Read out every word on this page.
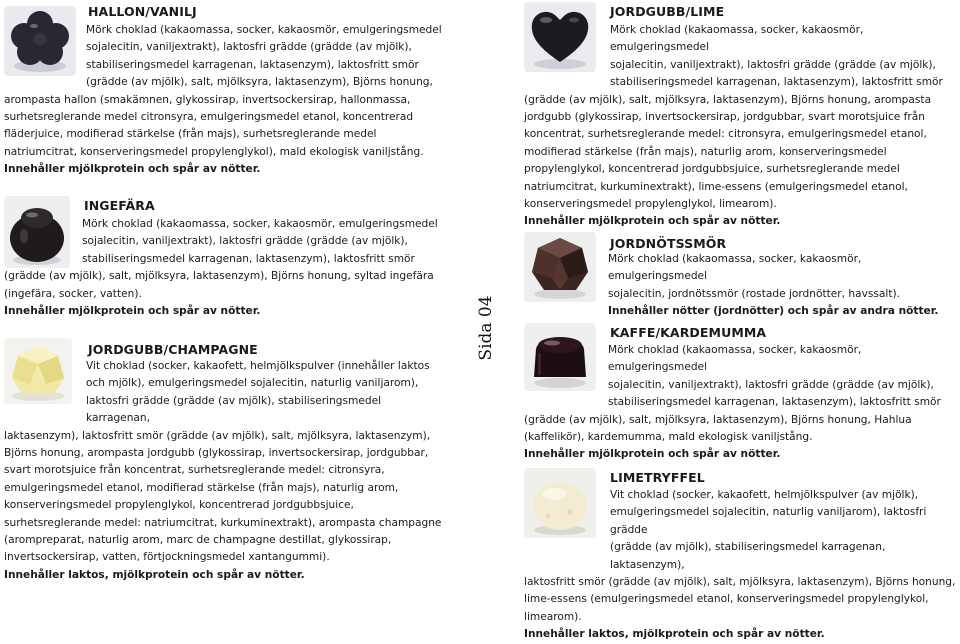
HALLON/VANILJ

Mörk choklad (kakaomassa, socker, kakaosmör, emulgeringsmedel

sojalecitin, vaniljextrakt), laktosfri grädde (grädde (av mjölk),

stabiliseringsmedel karragenan, laktasenzym), laktosfritt smör

(grädde (av mjölk), salt, mjölksyra, laktasenzym), Björns honung,

arompasta hallon (smakämnen, glykossirap, invertsockersirap, hallonmassa,

surhetsreglerande medel citronsyra, emulgeringsmedel etanol, koncentrerad

fläderjuice, modifierad stärkelse (från majs), surhetsreglerande medel

natriumcitrat, konserveringsmedel propylenglykol), mald ekologisk vaniljstång.

Innehåller mjölkprotein och spår av nötter.

INGEFÄRA

Mörk choklad (kakaomassa, socker, kakaosmör, emulgeringsmedel

sojalecitin, vaniljextrakt), laktosfri grädde (grädde (av mjölk),

stabiliseringsmedel karragenan, laktasenzym), laktosfritt smör

(grädde (av mjölk), salt, mjölksyra, laktasenzym), Björns honung, syltad ingefära

(ingefära, socker, vatten).

Innehåller mjölkprotein och spår av nötter.

JORDGUBB/CHAMPAGNE

Vit choklad (socker, kakaofett, helmjölkspulver (innehåller laktos

och mjölk), emulgeringsmedel sojalecitin, naturlig vaniljarom),

laktosfri grädde (grädde (av mjölk), stabiliseringsmedel karragenan,

laktasenzym), laktosfritt smör (grädde (av mjölk), salt, mjölksyra, laktasenzym),

Björns honung, arompasta jordgubb (glykossirap, invertsockersirap, jordgubbar,

svart morotsjuice från koncentrat, surhetsreglerande medel: citronsyra,

emulgeringsmedel etanol, modifierad stärkelse (från majs), naturlig arom,

konserveringsmedel propylenglykol, koncentrerad jordgubbsjuice,

surhetsreglerande medel: natriumcitrat, kurkuminextrakt), arompasta champagne

(arompreparat, naturlig arom, marc de champagne destillat, glykossirap,

invertsockersirap, vatten, förtjockningsmedel xantangummi).

Innehåller laktos, mjölkprotein och spår av nötter.

Sida 04
JORDGUBB/LIME

Mörk choklad (kakaomassa, socker, kakaosmör, emulgeringsmedel

sojalecitin, vaniljextrakt), laktosfri grädde (grädde (av mjölk),

stabiliseringsmedel karragenan, laktasenzym), laktosfritt smör

(grädde (av mjölk), salt, mjölksyra, laktasenzym), Björns honung, arompasta

jordgubb (glykossirap, invertsockersirap, jordgubbar, svart morotsjuice från

koncentrat, surhetsreglerande medel: citronsyra, emulgeringsmedel etanol,

modifierad stärkelse (från majs), naturlig arom, konserveringsmedel

propylenglykol, koncentrerad jordgubbsjuice, surhetsreglerande medel

natriumcitrat, kurkuminextrakt), lime-essens (emulgeringsmedel etanol,

konserveringsmedel propylenglykol, limearom).

Innehåller mjölkprotein och spår av nötter.

JORDNÖTSSMÖR

Mörk choklad (kakaomassa, socker, kakaosmör, emulgeringsmedel

sojalecitin, jordnötssmör (rostade jordnötter, havssalt).

Innehåller nötter (jordnötter) och spår av andra nötter.

KAFFE/KARDEMUMMA

Mörk choklad (kakaomassa, socker, kakaosmör, emulgeringsmedel

sojalecitin, vaniljextrakt), laktosfri grädde (grädde (av mjölk),

stabiliseringsmedel karragenan, laktasenzym), laktosfritt smör

(grädde (av mjölk), salt, mjölksyra, laktasenzym), Björns honung, Hahlua

(kaffelikör), kardemumma, mald ekologisk vaniljstång.

Innehåller mjölkprotein och spår av nötter.

LIMETRYFFEL

Vit choklad (socker, kakaofett, helmjölkspulver (av mjölk),

emulgeringsmedel sojalecitin, naturlig vaniljarom), laktosfri grädde

(grädde (av mjölk), stabiliseringsmedel karragenan, laktasenzym),

laktosfritt smör (grädde (av mjölk), salt, mjölksyra, laktasenzym), Björns honung,

lime-essens (emulgeringsmedel etanol, konserveringsmedel propylenglykol,

limearom).

Innehåller laktos, mjölkprotein och spår av nötter.
